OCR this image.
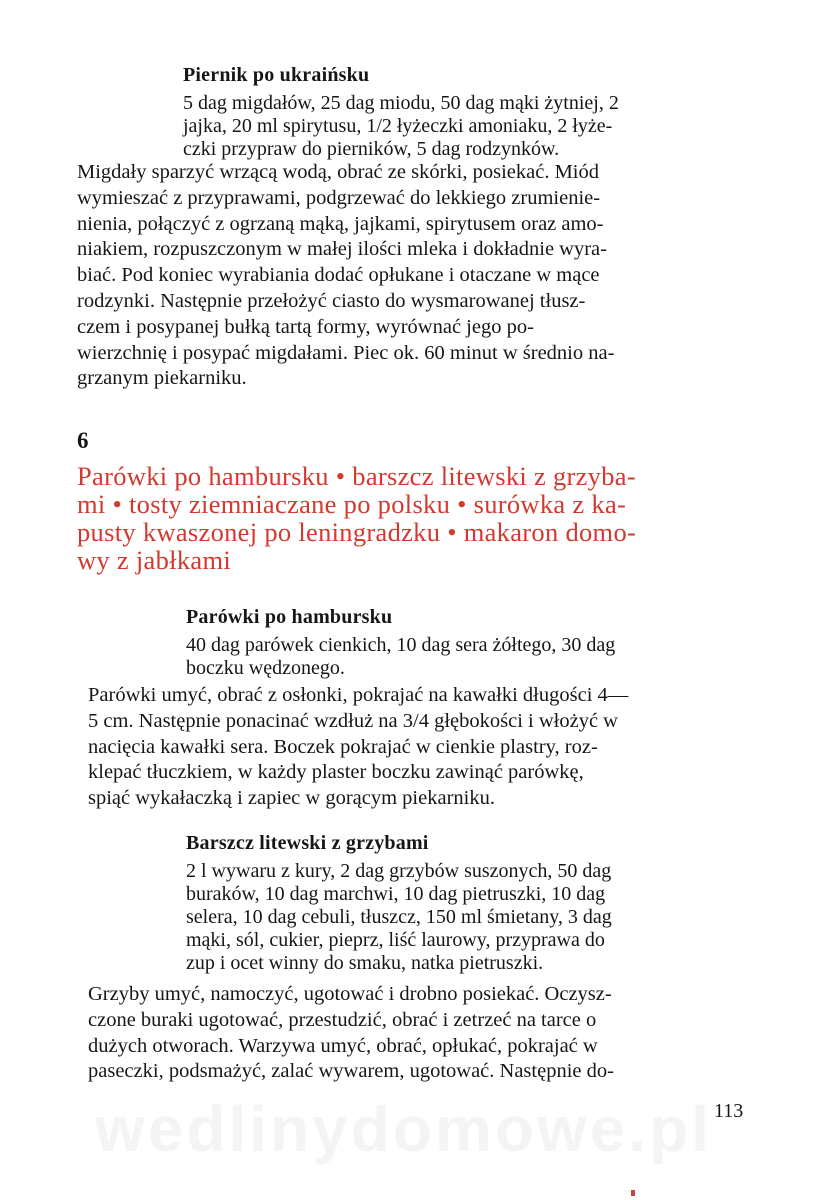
wedlinydomowe.pl
Piernik po ukraińsku
5 dag migdałów, 25 dag miodu, 50 dag mąki żytniej, 2
jajka, 20 ml spirytusu, 1/2 łyżeczki amoniaku, 2 łyże-
czki przypraw do pierników, 5 dag rodzynków.
Migdały sparzyć wrzącą wodą, obrać ze skórki, posiekać. Miód
wymieszać z przyprawami, podgrzewać do lekkiego zrumienie-
nienia, połączyć z ogrzaną mąką, jajkami, spirytusem oraz amo-
niakiem, rozpuszczonym w małej ilości mleka i dokładnie wyra-
biać. Pod koniec wyrabiania dodać opłukane i otaczane w mące
rodzynki. Następnie przełożyć ciasto do wysmarowanej tłusz-
czem i posypanej bułką tartą formy, wyrównać jego po-
wierzchnię i posypać migdałami. Piec ok. 60 minut w średnio na-
grzanym piekarniku.
6
Parówki po hambursku • barszcz litewski z grzyba-
mi • tosty ziemniaczane po polsku • surówka z ka-
pusty kwaszonej po leningradzku • makaron domo-
wy z jabłkami
Parówki po hambursku
40 dag parówek cienkich, 10 dag sera żółtego, 30 dag
boczku wędzonego.
Parówki umyć, obrać z osłonki, pokrajać na kawałki długości 4—
5 cm. Następnie ponacinać wzdłuż na 3/4 głębokości i włożyć w
nacięcia kawałki sera. Boczek pokrajać w cienkie plastry, roz-
klepać tłuczkiem, w każdy plaster boczku zawinąć parówkę,
spiąć wykałaczką i zapiec w gorącym piekarniku.
Barszcz litewski z grzybami
2 l wywaru z kury, 2 dag grzybów suszonych, 50 dag
buraków, 10 dag marchwi, 10 dag pietruszki, 10 dag
selera, 10 dag cebuli, tłuszcz, 150 ml śmietany, 3 dag
mąki, sól, cukier, pieprz, liść laurowy, przyprawa do
zup i ocet winny do smaku, natka pietruszki.
Grzyby umyć, namoczyć, ugotować i drobno posiekać. Oczysz-
czone buraki ugotować, przestudzić, obrać i zetrzeć na tarce o
dużych otworach. Warzywa umyć, obrać, opłukać, pokrajać w
paseczki, podsmażyć, zalać wywarem, ugotować. Następnie do-
113
